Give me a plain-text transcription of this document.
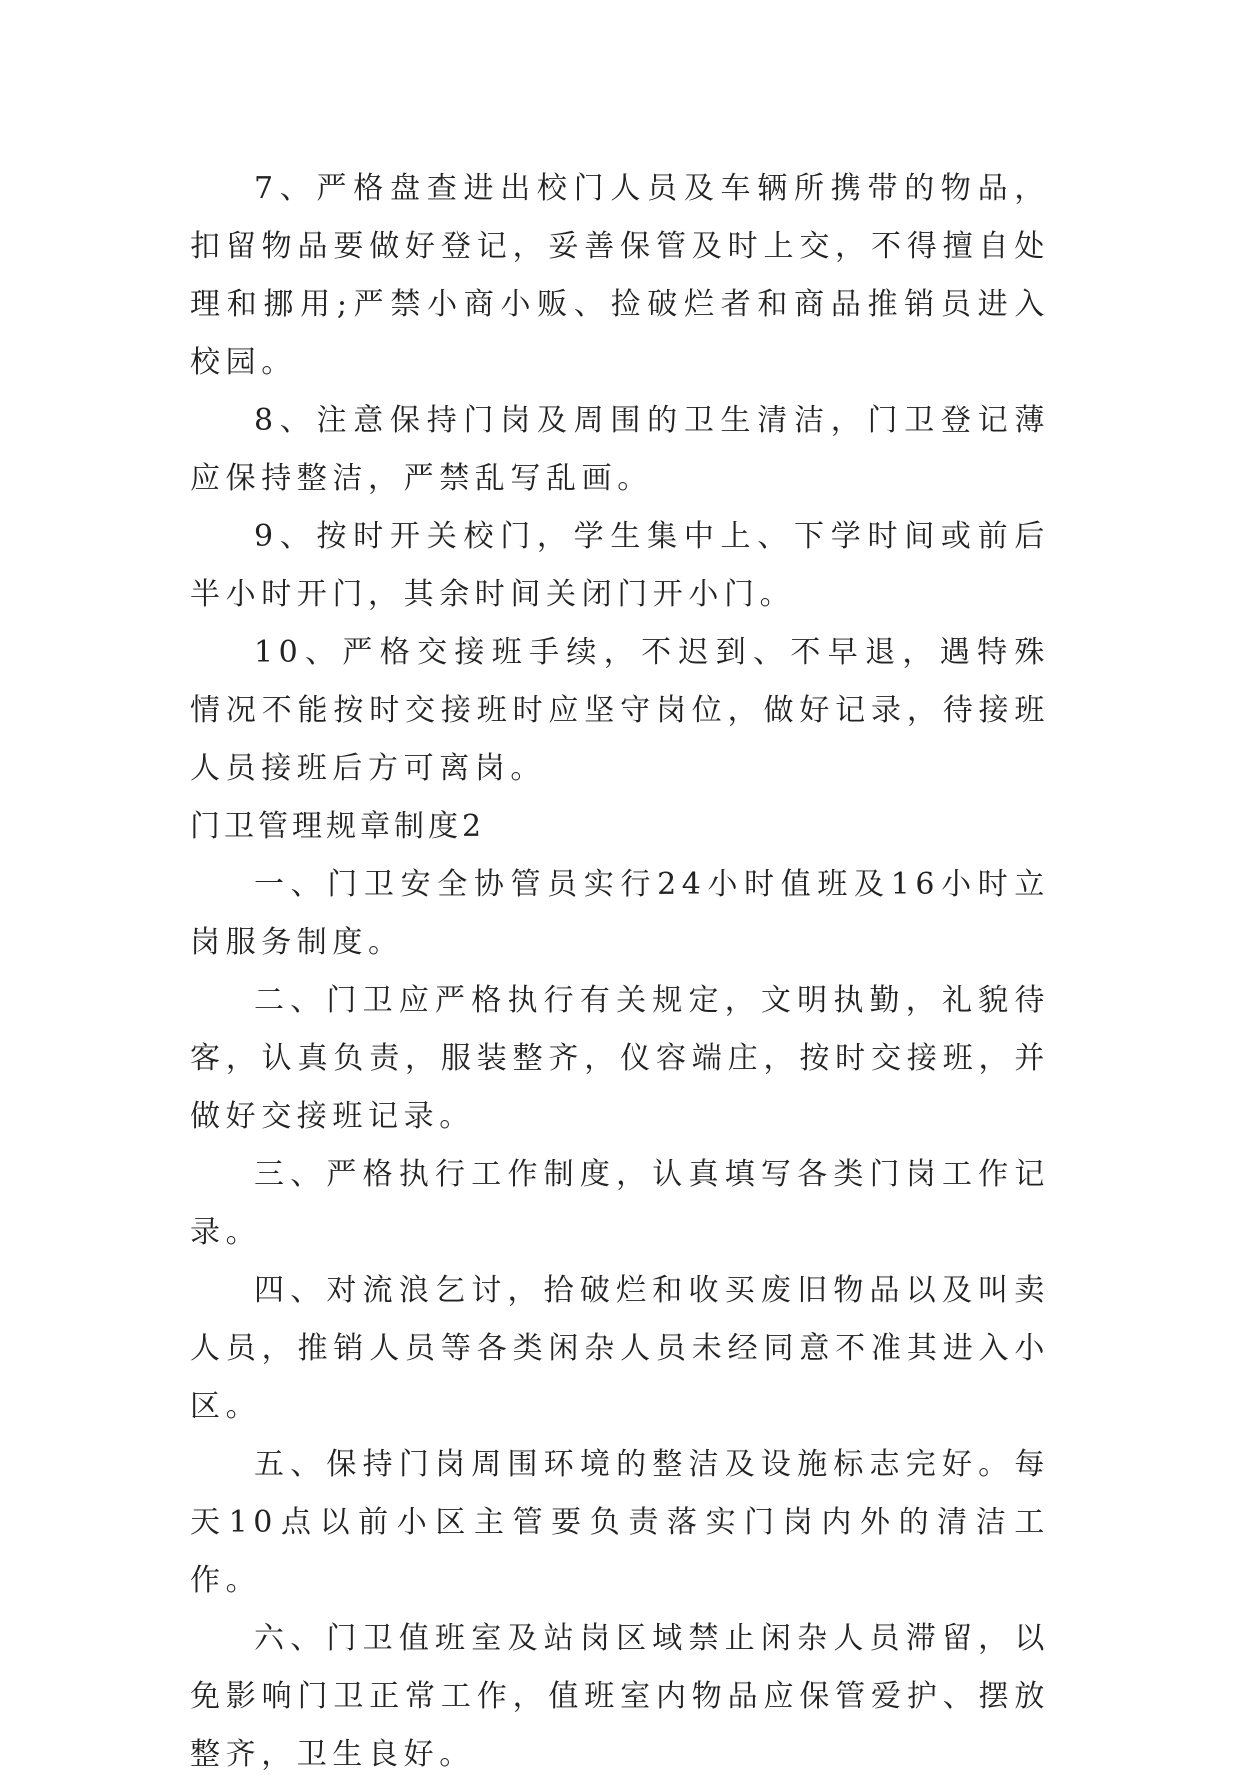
7、严格盘查进出校门人员及车辆所携带的物品，扣留物品要做好登记，妥善保管及时上交，不得擅自处理和挪用;严禁小商小贩、捡破烂者和商品推销员进入校园。

8、注意保持门岗及周围的卫生清洁，门卫登记薄应保持整洁，严禁乱写乱画。

9、按时开关校门，学生集中上、下学时间或前后半小时开门，其余时间关闭门开小门。

10、严格交接班手续，不迟到、不早退，遇特殊情况不能按时交接班时应坚守岗位，做好记录，待接班人员接班后方可离岗。

门卫管理规章制度2

一、门卫安全协管员实行24小时值班及16小时立岗服务制度。

二、门卫应严格执行有关规定，文明执勤，礼貌待客，认真负责，服装整齐，仪容端庄，按时交接班，并做好交接班记录。

三、严格执行工作制度，认真填写各类门岗工作记录。

四、对流浪乞讨，拾破烂和收买废旧物品以及叫卖人员，推销人员等各类闲杂人员未经同意不准其进入小区。

五、保持门岗周围环境的整洁及设施标志完好。每天10点以前小区主管要负责落实门岗内外的清洁工作。

六、门卫值班室及站岗区域禁止闲杂人员滞留，以免影响门卫正常工作，值班室内物品应保管爱护、摆放整齐，卫生良好。
